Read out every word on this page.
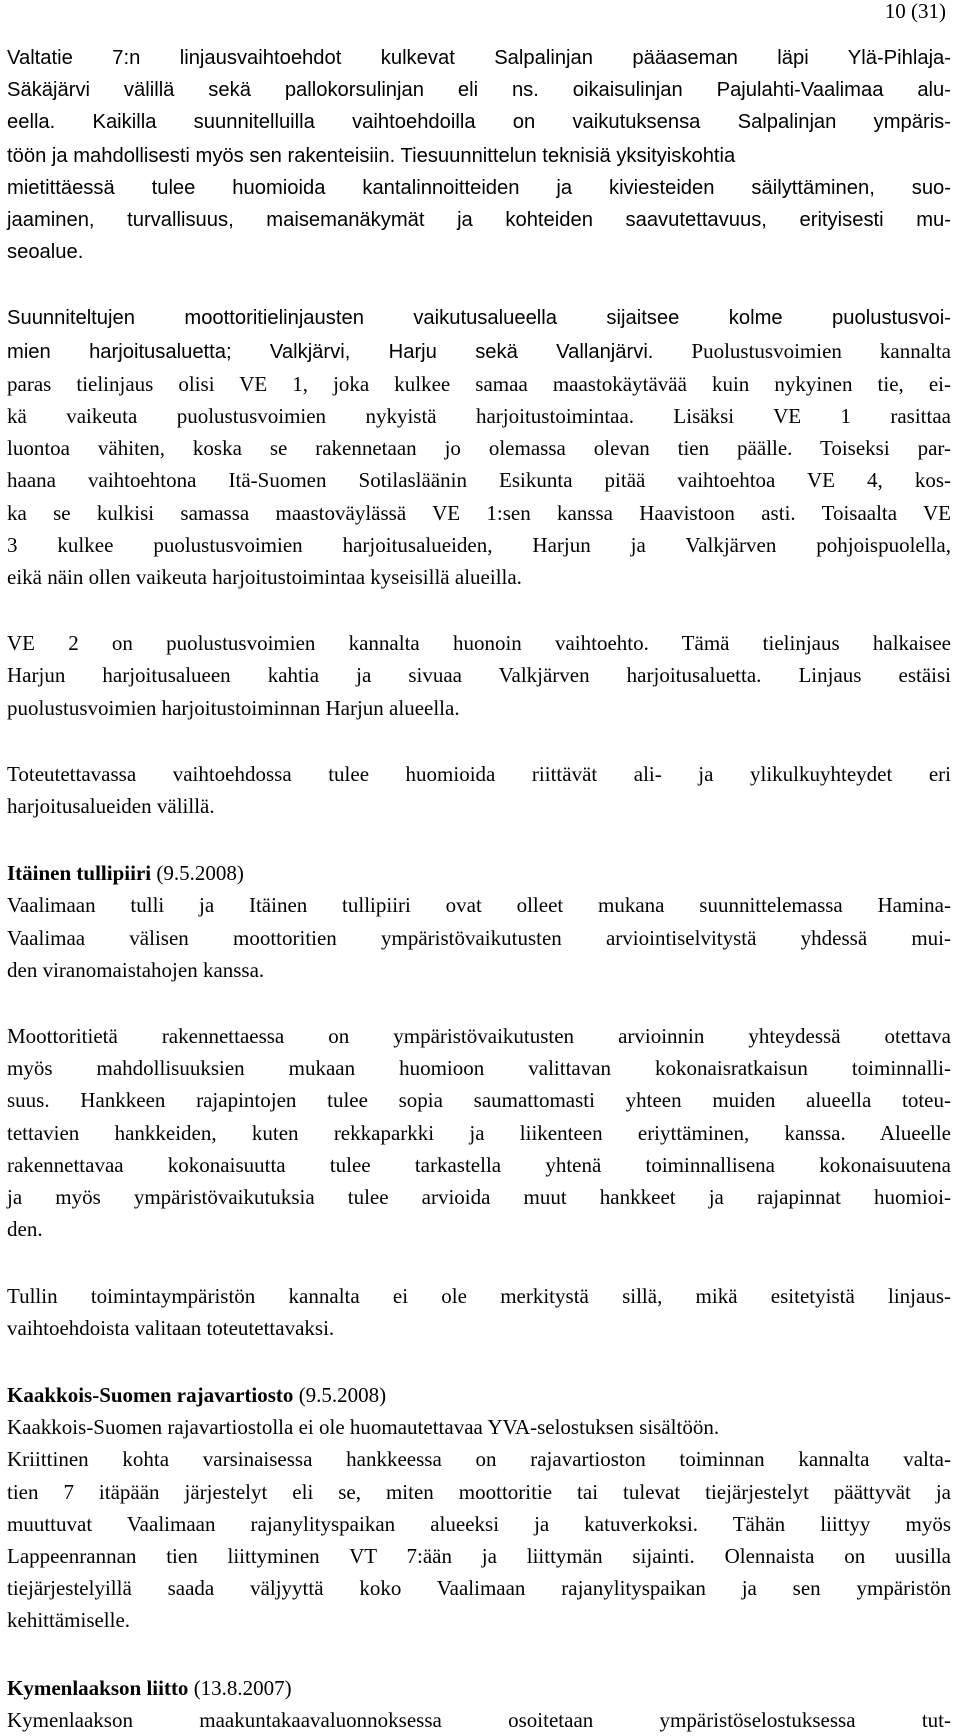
10 (31)
Valtatie 7:n linjausvaihtoehdot kulkevat Salpalinjan pääaseman läpi Ylä-Pihlaja-
Säkäjärvi välillä sekä pallokorsulinjan eli ns. oikaisulinjan Pajulahti-Vaalimaa alu-
eella. Kaikilla suunnitelluilla vaihtoehdoilla on vaikutuksensa Salpalinjan ympäris-
töön ja mahdollisesti myös sen rakenteisiin. Tiesuunnittelun teknisiä yksityiskohtia
mietittäessä tulee huomioida kantalinnoitteiden ja kiviesteiden säilyttäminen, suo-
jaaminen, turvallisuus, maisemanäkymät ja kohteiden saavutettavuus, erityisesti mu-
seoalue.
Suunniteltujen moottoritielinjausten vaikutusalueella sijaitsee kolme puolustusvoi-
mien harjoitusaluetta; Valkjärvi, Harju sekä Vallanjärvi. Puolustusvoimien kannalta
paras tielinjaus olisi VE 1, joka kulkee samaa maastokäytävää kuin nykyinen tie, ei-
kä vaikeuta puolustusvoimien nykyistä harjoitustoimintaa. Lisäksi VE 1 rasittaa
luontoa vähiten, koska se rakennetaan jo olemassa olevan tien päälle. Toiseksi par-
haana vaihtoehtona Itä-Suomen Sotilasläänin Esikunta pitää vaihtoehtoa VE 4, kos-
ka se kulkisi samassa maastoväylässä VE 1:sen kanssa Haavistoon asti. Toisaalta VE
3 kulkee puolustusvoimien harjoitusalueiden, Harjun ja Valkjärven pohjoispuolella,
eikä näin ollen vaikeuta harjoitustoimintaa kyseisillä alueilla.
VE 2 on puolustusvoimien kannalta huonoin vaihtoehto. Tämä tielinjaus halkaisee
Harjun harjoitusalueen kahtia ja sivuaa Valkjärven harjoitusaluetta. Linjaus estäisi
puolustusvoimien harjoitustoiminnan Harjun alueella.
Toteutettavassa vaihtoehdossa tulee huomioida riittävät ali- ja ylikulkuyhteydet eri
harjoitusalueiden välillä.
Itäinen tullipiiri (9.5.2008)
Vaalimaan tulli ja Itäinen tullipiiri ovat olleet mukana suunnittelemassa Hamina-
Vaalimaa välisen moottoritien ympäristövaikutusten arviointiselvitystä yhdessä mui-
den viranomaistahojen kanssa.
Moottoritietä rakennettaessa on ympäristövaikutusten arvioinnin yhteydessä otettava
myös mahdollisuuksien mukaan huomioon valittavan kokonaisratkaisun toiminnalli-
suus. Hankkeen rajapintojen tulee sopia saumattomasti yhteen muiden alueella toteu-
tettavien hankkeiden, kuten rekkaparkki ja liikenteen eriyttäminen, kanssa. Alueelle
rakennettavaa kokonaisuutta tulee tarkastella yhtenä toiminnallisena kokonaisuutena
ja myös ympäristövaikutuksia tulee arvioida muut hankkeet ja rajapinnat huomioi-
den.
Tullin toimintaympäristön kannalta ei ole merkitystä sillä, mikä esitetyistä linjaus-
vaihtoehdoista valitaan toteutettavaksi.
Kaakkois-Suomen rajavartiosto (9.5.2008)
Kaakkois-Suomen rajavartiostolla ei ole huomautettavaa YVA-selostuksen sisältöön.
Kriittinen kohta varsinaisessa hankkeessa on rajavartioston toiminnan kannalta valta-
tien 7 itäpään järjestelyt eli se, miten moottoritie tai tulevat tiejärjestelyt päättyvät ja
muuttuvat Vaalimaan rajanylityspaikan alueeksi ja katuverkoksi. Tähän liittyy myös
Lappeenrannan tien liittyminen VT 7:ään ja liittymän sijainti. Olennaista on uusilla
tiejärjestelyillä saada väljyyttä koko Vaalimaan rajanylityspaikan ja sen ympäristön
kehittämiselle.
Kymenlaakson liitto (13.8.2007)
Kymenlaakson maakuntakaavaluonnoksessa osoitetaan ympäristöselostuksessa tut-
